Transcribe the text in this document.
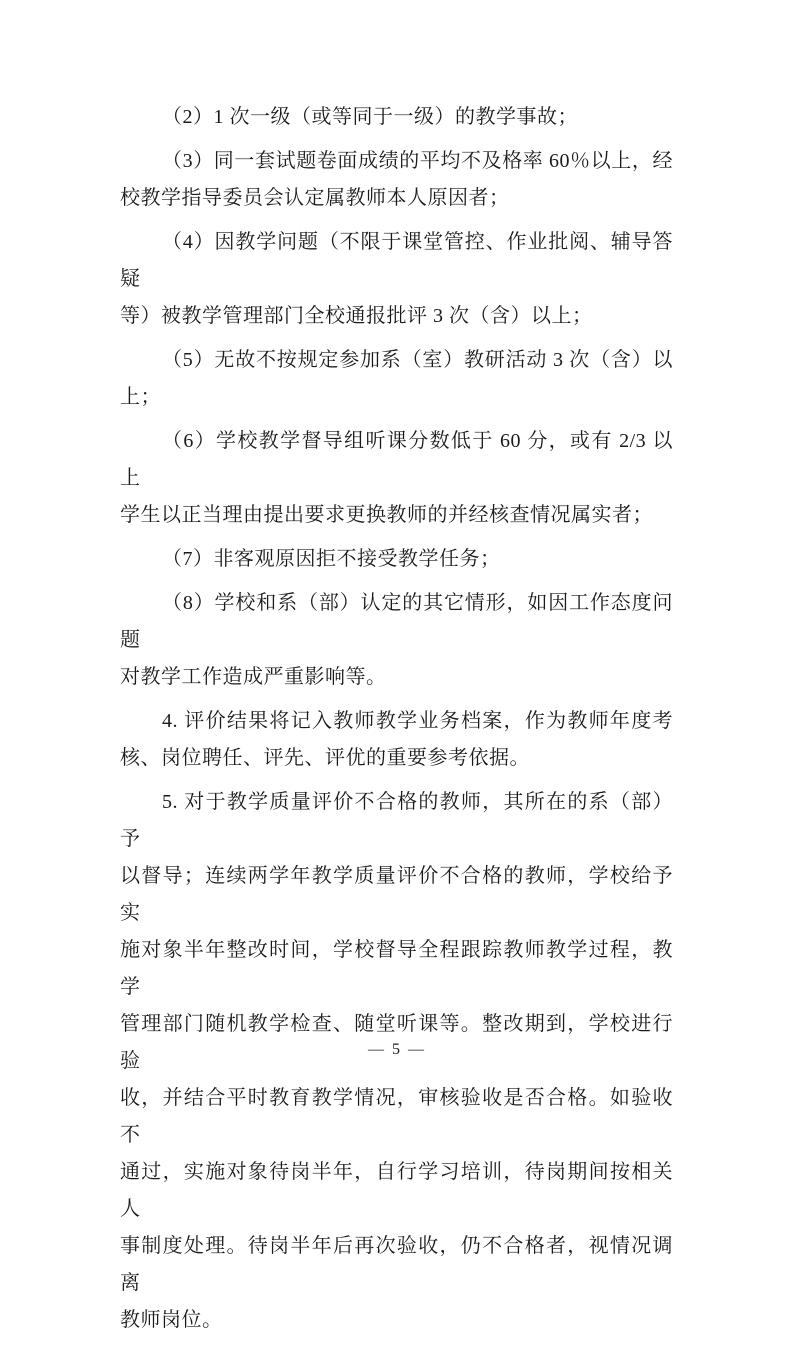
（2）1 次一级（或等同于一级）的教学事故；
（3）同一套试题卷面成绩的平均不及格率 60％以上，经
校教学指导委员会认定属教师本人原因者；
（4）因教学问题（不限于课堂管控、作业批阅、辅导答疑
等）被教学管理部门全校通报批评 3 次（含）以上；
（5）无故不按规定参加系（室）教研活动 3 次（含）以
上；
（6）学校教学督导组听课分数低于 60 分，或有 2/3 以上
学生以正当理由提出要求更换教师的并经核查情况属实者；
（7）非客观原因拒不接受教学任务；
（8）学校和系（部）认定的其它情形，如因工作态度问题
对教学工作造成严重影响等。
4. 评价结果将记入教师教学业务档案，作为教师年度考
核、岗位聘任、评先、评优的重要参考依据。
5. 对于教学质量评价不合格的教师，其所在的系（部）予
以督导；连续两学年教学质量评价不合格的教师，学校给予实
施对象半年整改时间，学校督导全程跟踪教师教学过程，教学
管理部门随机教学检查、随堂听课等。整改期到，学校进行验
收，并结合平时教育教学情况，审核验收是否合格。如验收不
通过，实施对象待岗半年，自行学习培训，待岗期间按相关人
事制度处理。待岗半年后再次验收，仍不合格者，视情况调离
教师岗位。
— 5 —
